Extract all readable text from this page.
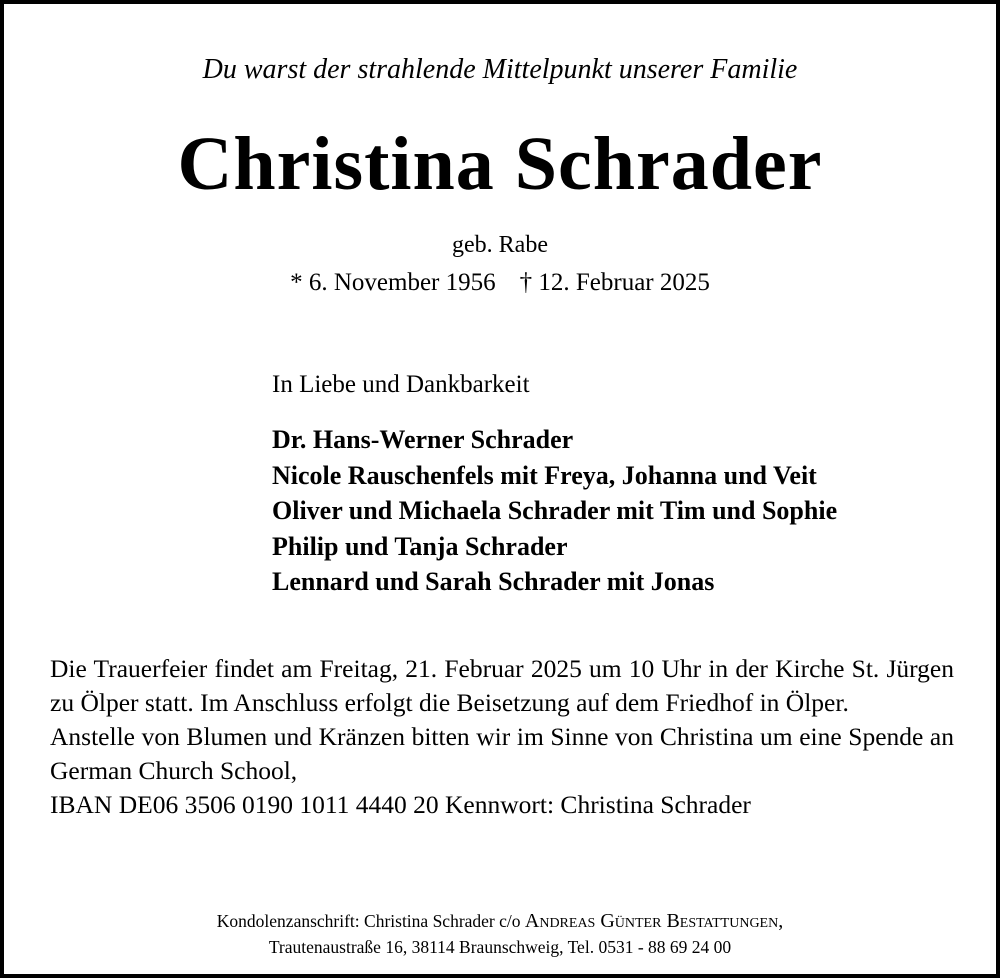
Du warst der strahlende Mittelpunkt unserer Familie
Christina Schrader
geb. Rabe
* 6. November 1956 † 12. Februar 2025
In Liebe und Dankbarkeit
Dr. Hans-Werner Schrader
Nicole Rauschenfels mit Freya, Johanna und Veit
Oliver und Michaela Schrader mit Tim und Sophie
Philip und Tanja Schrader
Lennard und Sarah Schrader mit Jonas

Die Trauerfeier findet am Freitag, 21. Februar 2025 um 10 Uhr in der Kirche St. Jürgen zu Ölper statt. Im Anschluss erfolgt die Beisetzung auf dem Friedhof in Ölper.

Anstelle von Blumen und Kränzen bitten wir im Sinne von Christina um eine Spende an German Church School,

IBAN DE06 3506 0190 1011 4440 20 Kennwort: Christina Schrader
Kondolenzanschrift: Christina Schrader c/o Andreas Günter Bestattungen,
Trautenaustraße 16, 38114 Braunschweig, Tel. 0531 - 88 69 24 00
